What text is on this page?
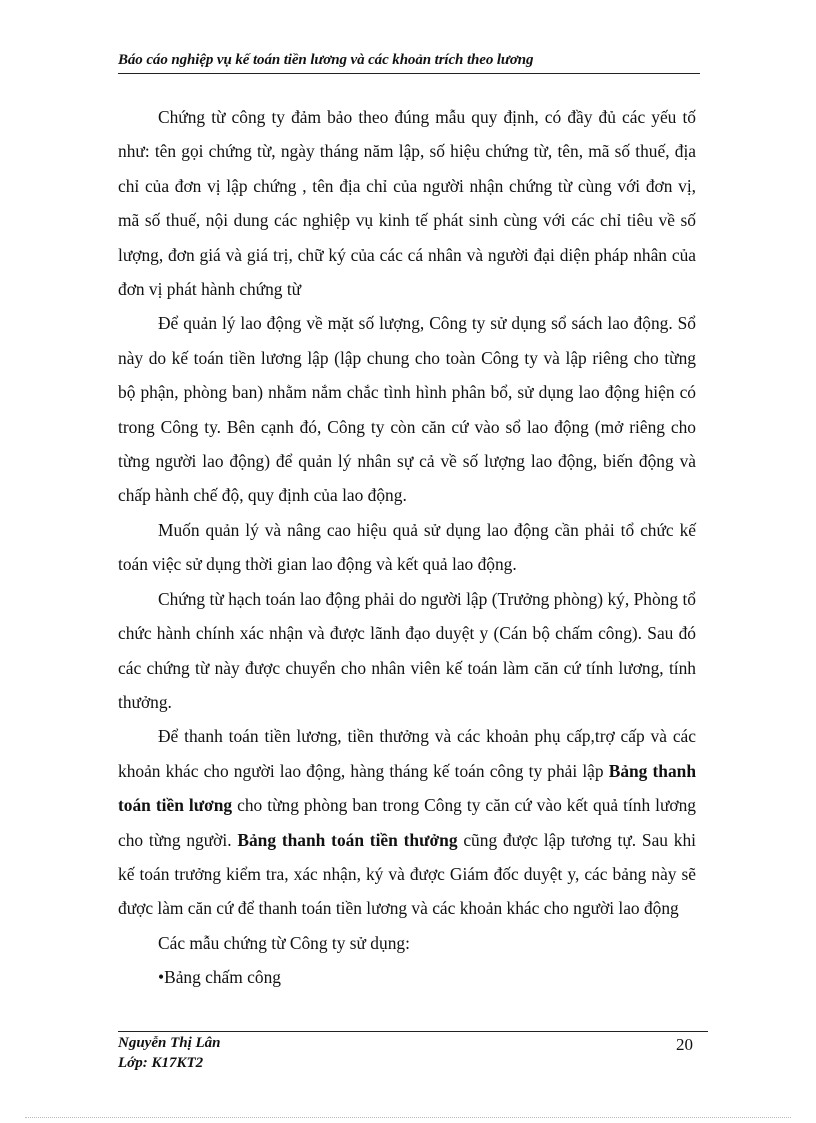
Báo cáo nghiệp vụ kế toán tiền lương và các khoản trích theo lương

Chứng từ công ty đảm bảo theo đúng mẫu quy định, có đầy đủ các yếu tố như: tên gọi chứng từ, ngày tháng năm lập, số hiệu chứng từ, tên, mã số thuế, địa chỉ của đơn vị lập chứng , tên địa chỉ của người nhận chứng từ cùng với đơn vị, mã số thuế, nội dung các nghiệp vụ kinh tế phát sinh cùng với các chỉ tiêu về số lượng, đơn giá và giá trị, chữ ký của các cá nhân và người đại diện pháp nhân của đơn vị phát hành chứng từ

Để quản lý lao động về mặt số lượng, Công ty sử dụng sổ sách lao động. Sổ này do kế toán tiền lương lập (lập chung cho toàn Công ty và lập riêng cho từng bộ phận, phòng ban) nhằm nắm chắc tình hình phân bổ, sử dụng lao động hiện có trong Công ty. Bên cạnh đó, Công ty còn căn cứ vào sổ lao động (mở riêng cho từng người lao động) để quản lý nhân sự cả về số lượng lao động, biến động và chấp hành chế độ, quy định của lao động.

Muốn quản lý và nâng cao hiệu quả sử dụng lao động cần phải tổ chức kế toán việc sử dụng thời gian lao động và kết quả lao động.

Chứng từ hạch toán lao động phải do người lập (Trưởng phòng) ký, Phòng tổ chức hành chính xác nhận và được lãnh đạo duyệt y (Cán bộ chấm công). Sau đó các chứng từ này được chuyển cho nhân viên kế toán làm căn cứ tính lương, tính thưởng.

Để thanh toán tiền lương, tiền thưởng và các khoản phụ cấp,trợ cấp và các khoản khác cho người lao động, hàng tháng kế toán công ty phải lập Bảng thanh toán tiền lương cho từng phòng ban trong Công ty căn cứ vào kết quả tính lương cho từng người. Bảng thanh toán tiền thưởng cũng được lập tương tự. Sau khi kế toán trưởng kiểm tra, xác nhận, ký và được Giám đốc duyệt y, các bảng này sẽ được làm căn cứ để thanh toán tiền lương và các khoản khác cho người lao động

Các mẫu chứng từ Công ty sử dụng:

•Bảng chấm công

Nguyễn Thị Lân
Lớp: K17KT2
20
